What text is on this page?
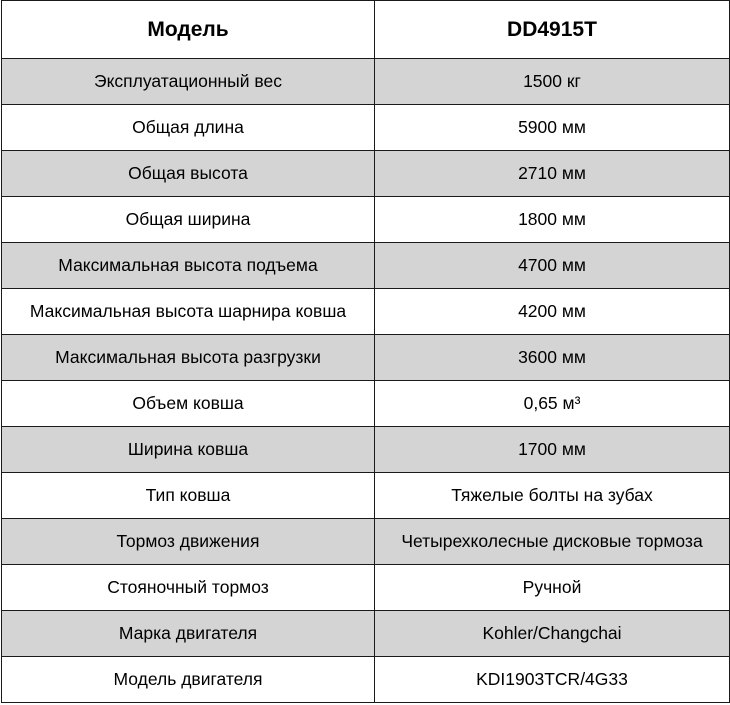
Модель	DD4915T
Эксплуатационный вес	1500 кг
Общая длина	5900 мм
Общая высота	2710 мм
Общая ширина	1800 мм
Максимальная высота подъема	4700 мм
Максимальная высота шарнира ковша	4200 мм
Максимальная высота разгрузки	3600 мм
Объем ковша	0,65 м³
Ширина ковша	1700 мм
Тип ковша	Тяжелые болты на зубах
Тормоз движения	Четырехколесные дисковые тормоза
Стояночный тормоз	Ручной
Марка двигателя	Kohler/Changchai
Модель двигателя	KDI1903TCR/4G33
